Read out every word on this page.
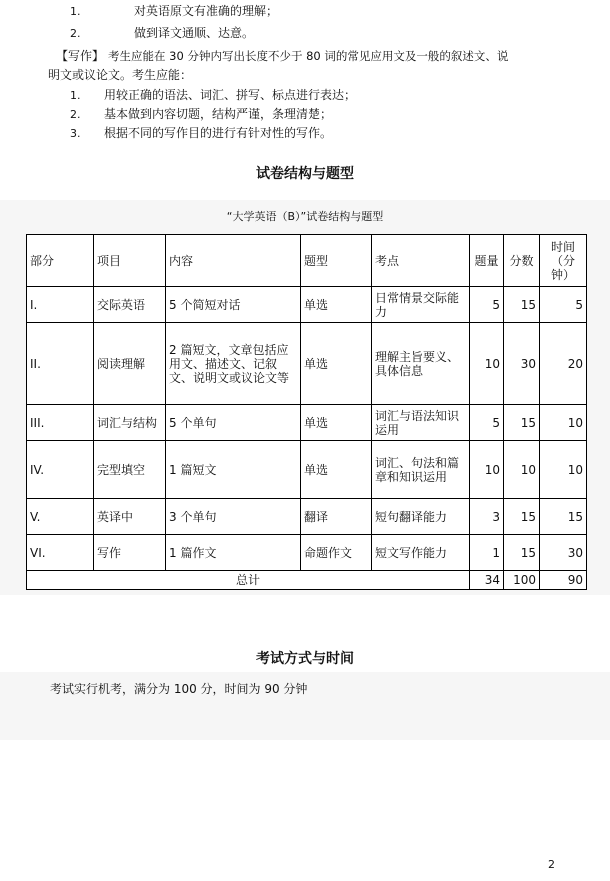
1.	对英语原文有准确的理解；
2.	做到译文通顺、达意。
【写作】 考生应能在 30 分钟内写出长度不少于 80 词的常见应用文及一般的叙述文、说
明文或议论文。考生应能：
1. 用较正确的语法、词汇、拼写、标点进行表达；
2. 基本做到内容切题，结构严谨，条理清楚；
3. 根据不同的写作目的进行有针对性的写作。
试卷结构与题型
“大学英语（B）”试卷结构与题型
部分	项目	内容	题型	考点	题量	分数	时间（分钟）
I.	交际英语	5 个简短对话	单选	日常情景交际能力	5	15	5
II.	阅读理解	2 篇短文，文章包括应用文、描述文、记叙文、说明文或议论文等	单选	理解主旨要义、具体信息	10	30	20
III.	词汇与结构	5 个单句	单选	词汇与语法知识运用	5	15	10
IV.	完型填空	1 篇短文	单选	词汇、句法和篇章和知识运用	10	10	10
V.	英译中	3 个单句	翻译	短句翻译能力	3	15	15
VI.	写作	1 篇作文	命题作文	短文写作能力	1	15	30
总计					34	100	90
考试方式与时间
考试实行机考，满分为 100 分，时间为 90 分钟
2
